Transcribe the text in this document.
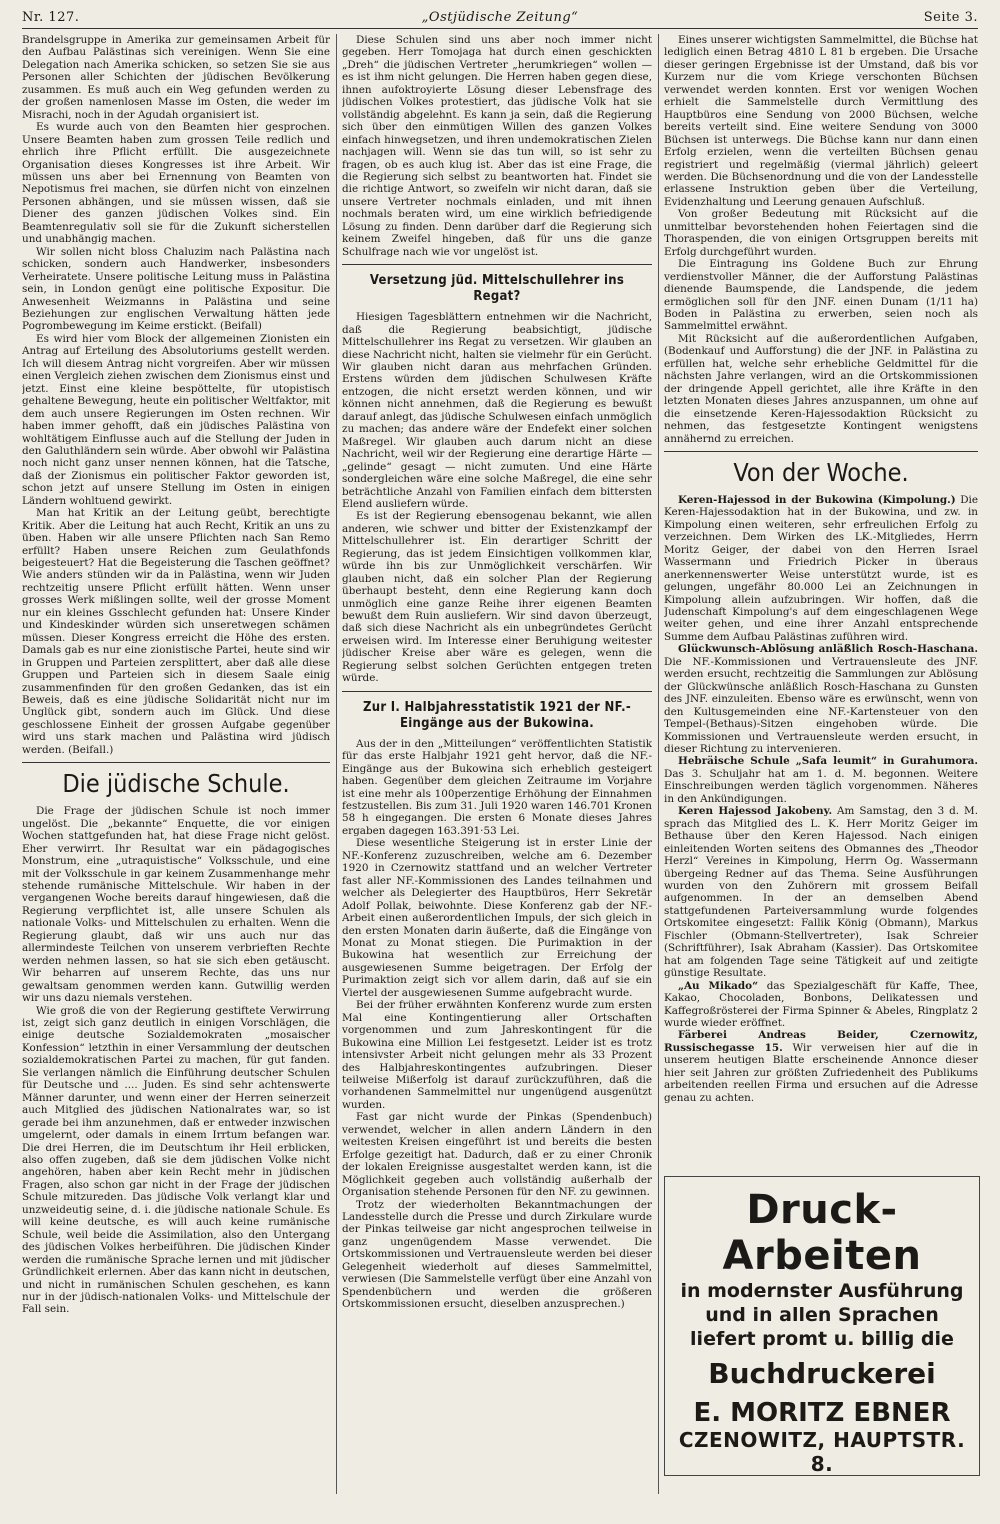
Nr. 127.	„Ostjüdische Zeitung“	Seite 3.

Brandelsgruppe in Amerika zur gemeinsamen Arbeit für den Aufbau Palästinas sich vereinigen. Wenn Sie eine Delegation nach Amerika schicken, so setzen Sie sie aus Personen aller Schichten der jüdischen Bevölkerung zusammen. Es muß auch ein Weg gefunden werden zu der großen namenlosen Masse im Osten, die weder im Misrachi, noch in der Agudah organisiert ist.

Es wurde auch von den Beamten hier gesprochen. Unsere Beamten haben zum grossen Teile redlich und ehrlich ihre Pflicht erfüllt. Die ausgezeichnete Organisation dieses Kongresses ist ihre Arbeit. Wir müssen uns aber bei Ernennung von Beamten von Nepotismus frei machen, sie dürfen nicht von einzelnen Personen abhängen, und sie müssen wissen, daß sie Diener des ganzen jüdischen Volkes sind. Ein Beamtenregulativ soll sie für die Zukunft sicherstellen und unabhängig machen.

Wir sollen nicht bloss Chaluzim nach Palästina nach schicken, sondern auch Handwerker, insbesonders Verheiratete. Unsere politische Leitung muss in Palästina sein, in London genügt eine politische Expositur. Die Anwesenheit Weizmanns in Palästina und seine Beziehungen zur englischen Verwaltung hätten jede Pogrombewegung im Keime erstickt. (Beifall)

Es wird hier vom Block der allgemeinen Zionisten ein Antrag auf Erteilung des Absolutoriums gestellt werden. Ich will diesem Antrag nicht vorgreifen. Aber wir müssen einen Vergleich ziehen zwischen dem Zionismus einst und jetzt. Einst eine kleine bespöttelte, für utopistisch gehaltene Bewegung, heute ein politischer Weltfaktor, mit dem auch unsere Regierungen im Osten rechnen. Wir haben immer gehofft, daß ein jüdisches Palästina von wohltätigem Einflusse auch auf die Stellung der Juden in den Galuthländern sein würde. Aber obwohl wir Palästina noch nicht ganz unser nennen können, hat die Tatsche, daß der Zionismus ein politischer Faktor geworden ist, schon jetzt auf unsere Stellung im Osten in einigen Ländern wohltuend gewirkt.

Man hat Kritik an der Leitung geübt, berechtigte Kritik. Aber die Leitung hat auch Recht, Kritik an uns zu üben. Haben wir alle unsere Pflichten nach San Remo erfüllt? Haben unsere Reichen zum Geulathfonds beigesteuert? Hat die Begeisterung die Taschen geöffnet? Wie anders stünden wir da in Palästina, wenn wir Juden rechtzeitig unsere Pflicht erfüllt hätten. Wenn unser grosses Werk mißlingen sollte, weil der grosse Moment nur ein kleines Gsschlecht gefunden hat: Unsere Kinder und Kindeskinder würden sich unseretwegen schämen müssen. Dieser Kongress erreicht die Höhe des ersten. Damals gab es nur eine zionistische Partei, heute sind wir in Gruppen und Parteien zersplittert, aber daß alle diese Gruppen und Parteien sich in diesem Saale einig zusammenfinden für den großen Gedanken, das ist ein Beweis, daß es eine jüdische Solidarität nicht nur im Unglück gibt, sondern auch im Glück. Und diese geschlossene Einheit der grossen Aufgabe gegenüber wird uns stark machen und Palästina wird jüdisch werden. (Beifall.)

Die jüdische Schule.

Die Frage der jüdischen Schule ist noch immer ungelöst. Die „bekannte“ Enquette, die vor einigen Wochen stattgefunden hat, hat diese Frage nicht gelöst. Eher verwirrt. Ihr Resultat war ein pädagogisches Monstrum, eine „utraquistische“ Volksschule, und eine mit der Volksschule in gar keinem Zusammenhange mehr stehende rumänische Mittelschule. Wir haben in der vergangenen Woche bereits darauf hingewiesen, daß die Regierung verpflichtet ist, alle unsere Schulen als nationale Volks- und Mittelschulen zu erhalten. Wenn die Regierung glaubt, daß wir uns auch nur das allermindeste Teilchen von unserem verbrieften Rechte werden nehmen lassen, so hat sie sich eben getäuscht. Wir beharren auf unserem Rechte, das uns nur gewaltsam genommen werden kann. Gutwillig werden wir uns dazu niemals verstehen.

Wie groß die von der Regierung gestiftete Verwirrung ist, zeigt sich ganz deutlich in einigen Vorschlägen, die einige deutsche Sozialdemokraten „mosaischer Konfession“ letzthin in einer Versammlung der deutschen sozialdemokratischen Partei zu machen, für gut fanden. Sie verlangen nämlich die Einführung deutscher Schulen für Deutsche und .... Juden. Es sind sehr achtenswerte Männer darunter, und wenn einer der Herren seinerzeit auch Mitglied des jüdischen Nationalrates war, so ist gerade bei ihm anzunehmen, daß er entweder inzwischen umgelernt, oder damals in einem Irrtum befangen war. Die drei Herren, die im Deutschtum ihr Heil erblicken, also offen zugeben, daß sie dem jüdischen Volke nicht angehören, haben aber kein Recht mehr in jüdischen Fragen, also schon gar nicht in der Frage der jüdischen Schule mitzureden. Das jüdische Volk verlangt klar und unzweideutig seine, d. i. die jüdische nationale Schule. Es will keine deutsche, es will auch keine rumänische Schule, weil beide die Assimilation, also den Untergang des jüdischen Volkes herbeiführen. Die jüdischen Kinder werden die rumänische Sprache lernen und mit jüdischer Gründlichkeit erlernen. Aber das kann nicht in deutschen, und nicht in rumänischen Schulen geschehen, es kann nur in der jüdisch-nationalen Volks- und Mittelschule der Fall sein.

Diese Schulen sind uns aber noch immer nicht gegeben. Herr Tomojaga hat durch einen geschickten „Dreh“ die jüdischen Vertreter „herumkriegen“ wollen — es ist ihm nicht gelungen. Die Herren haben gegen diese, ihnen aufoktroyierte Lösung dieser Lebensfrage des jüdischen Volkes protestiert, das jüdische Volk hat sie vollständig abgelehnt. Es kann ja sein, daß die Regierung sich über den einmütigen Willen des ganzen Volkes einfach hinwegsetzen, und ihren undemokratischen Zielen nachjagen will. Wenn sie das tun will, so ist sehr zu fragen, ob es auch klug ist. Aber das ist eine Frage, die die Regierung sich selbst zu beantworten hat. Findet sie die richtige Antwort, so zweifeln wir nicht daran, daß sie unsere Vertreter nochmals einladen, und mit ihnen nochmals beraten wird, um eine wirklich befriedigende Lösung zu finden. Denn darüber darf die Regierung sich keinem Zweifel hingeben, daß für uns die ganze Schulfrage nach wie vor ungelöst ist.

Versetzung jüd. Mittelschullehrer ins Regat?

Hiesigen Tagesblättern entnehmen wir die Nachricht, daß die Regierung beabsichtigt, jüdische Mittelschullehrer ins Regat zu versetzen. Wir glauben an diese Nachricht nicht, halten sie vielmehr für ein Gerücht. Wir glauben nicht daran aus mehrfachen Gründen. Erstens würden dem jüdischen Schulwesen Kräfte entzogen, die nicht ersetzt werden können, und wir können nicht annehmen, daß die Regierung es bewußt darauf anlegt, das jüdische Schulwesen einfach unmöglich zu machen; das andere wäre der Endefekt einer solchen Maßregel. Wir glauben auch darum nicht an diese Nachricht, weil wir der Regierung eine derartige Härte — „gelinde“ gesagt — nicht zumuten. Und eine Härte sondergleichen wäre eine solche Maßregel, die eine sehr beträchtliche Anzahl von Familien einfach dem bittersten Elend ausliefern würde.

Es ist der Regierung ebensogenau bekannt, wie allen anderen, wie schwer und bitter der Existenzkampf der Mittelschullehrer ist. Ein derartiger Schritt der Regierung, das ist jedem Einsichtigen vollkommen klar, würde ihn bis zur Unmöglichkeit verschärfen. Wir glauben nicht, daß ein solcher Plan der Regierung überhaupt besteht, denn eine Regierung kann doch unmöglich eine ganze Reihe ihrer eigenen Beamten bewußt dem Ruin ausliefern. Wir sind davon überzeugt, daß sich diese Nachricht als ein unbegründetes Gerücht erweisen wird. Im Interesse einer Beruhigung weitester jüdischer Kreise aber wäre es gelegen, wenn die Regierung selbst solchen Gerüchten entgegen treten würde.

Zur I. Halbjahresstatistik 1921 der NF.-Eingänge aus der Bukowina.

Aus der in den „Mitteilungen“ veröffentlichten Statistik für das erste Halbjahr 1921 geht hervor, daß die NF.-Eingänge aus der Bukowina sich erheblich gesteigert haben. Gegenüber dem gleichen Zeitraume im Vorjahre ist eine mehr als 100perzentige Erhöhung der Einnahmen festzustellen. Bis zum 31. Juli 1920 waren 146.701 Kronen 58 h eingegangen. Die ersten 6 Monate dieses Jahres ergaben dagegen 163.391·53 Lei.

Diese wesentliche Steigerung ist in erster Linie der NF.-Konferenz zuzuschreiben, welche am 6. Dezember 1920 in Czernowitz stattfand und an welcher Vertreter fast aller NF.-Kommissionen des Landes teilnahmen und welcher als Delegierter des Hauptbüros, Herr Sekretär Adolf Pollak, beiwohnte. Diese Konferenz gab der NF.-Arbeit einen außerordentlichen Impuls, der sich gleich in den ersten Monaten darin äußerte, daß die Eingänge von Monat zu Monat stiegen. Die Purimaktion in der Bukowina hat wesentlich zur Erreichung der ausgewiesenen Summe beigetragen. Der Erfolg der Purimaktion zeigt sich vor allem darin, daß auf sie ein Viertel der ausgewiesenen Summe aufgebracht wurde.

Bei der früher erwähnten Konferenz wurde zum ersten Mal eine Kontingentierung aller Ortschaften vorgenommen und zum Jahreskontingent für die Bukowina eine Million Lei festgesetzt. Leider ist es trotz intensivster Arbeit nicht gelungen mehr als 33 Prozent des Halbjahreskontingentes aufzubringen. Dieser teilweise Mißerfolg ist darauf zurückzuführen, daß die vorhandenen Sammelmittel nur ungenügend ausgenützt wurden.

Fast gar nicht wurde der Pinkas (Spendenbuch) verwendet, welcher in allen andern Ländern in den weitesten Kreisen eingeführt ist und bereits die besten Erfolge gezeitigt hat. Dadurch, daß er zu einer Chronik der lokalen Ereignisse ausgestaltet werden kann, ist die Möglichkeit gegeben auch vollständig außerhalb der Organisation stehende Personen für den NF. zu gewinnen.

Trotz der wiederholten Bekanntmachungen der Landesstelle durch die Presse und durch Zirkulare wurde der Pinkas teilweise gar nicht angesprochen teilweise in ganz ungenügendem Masse verwendet. Die Ortskommissionen und Vertrauensleute werden bei dieser Gelegenheit wiederholt auf dieses Sammelmittel, verwiesen (Die Sammelstelle verfügt über eine Anzahl von Spendenbüchern und werden die größeren Ortskommissionen ersucht, dieselben anzusprechen.)

Eines unserer wichtigsten Sammelmittel, die Büchse hat lediglich einen Betrag 4810 L 81 b ergeben. Die Ursache dieser geringen Ergebnisse ist der Umstand, daß bis vor Kurzem nur die vom Kriege verschonten Büchsen verwendet werden konnten. Erst vor wenigen Wochen erhielt die Sammelstelle durch Vermittlung des Hauptbüros eine Sendung von 2000 Büchsen, welche bereits verteilt sind. Eine weitere Sendung von 3000 Büchsen ist unterwegs. Die Büchse kann nur dann einen Erfolg erzielen, wenn die verteilten Büchsen genau registriert und regelmäßig (viermal jährlich) geleert werden. Die Büchsenordnung und die von der Landesstelle erlassene Instruktion geben über die Verteilung, Evidenzhaltung und Leerung genauen Aufschluß.

Von großer Bedeutung mit Rücksicht auf die unmittelbar bevorstehenden hohen Feiertagen sind die Thoraspenden, die von einigen Ortsgruppen bereits mit Erfolg durchgeführt wurden.

Die Eintragung ins Goldene Buch zur Ehrung verdienstvoller Männer, die der Aufforstung Palästinas dienende Baumspende, die Landspende, die jedem ermöglichen soll für den JNF. einen Dunam (1/11 ha) Boden in Palästina zu erwerben, seien noch als Sammelmittel erwähnt.

Mit Rücksicht auf die außerordentlichen Aufgaben, (Bodenkauf und Aufforstung) die der JNF. in Palästina zu erfüllen hat, welche sehr erhebliche Geldmittel für die nächsten Jahre verlangen, wird an die Ortskommissionen der dringende Appell gerichtet, alle ihre Kräfte in den letzten Monaten dieses Jahres anzuspannen, um ohne auf die einsetzende Keren-Hajessodaktion Rücksicht zu nehmen, das festgesetzte Kontingent wenigstens annähernd zu erreichen.

Von der Woche.

Keren-Hajessod in der Bukowina (Kimpolung.) Die Keren-Hajessodaktion hat in der Bukowina, und zw. in Kimpolung einen weiteren, sehr erfreulichen Erfolg zu verzeichnen. Dem Wirken des LK.-Mitgliedes, Herrn Moritz Geiger, der dabei von den Herren Israel Wassermann und Friedrich Picker in überaus anerkennenswerter Weise unterstützt wurde, ist es gelungen, ungefähr 80.000 Lei an Zeichnungen in Kimpolung allein aufzubringen. Wir hoffen, daß die Judenschaft Kimpolung's auf dem eingeschlagenen Wege weiter gehen, und eine ihrer Anzahl entsprechende Summe dem Aufbau Palästinas zuführen wird.

Glückwunsch-Ablösung anläßlich Rosch-Haschana. Die NF.-Kommissionen und Vertrauensleute des JNF. werden ersucht, rechtzeitig die Sammlungen zur Ablösung der Glückwünsche anläßlich Rosch-Haschana zu Gunsten des JNF. einzuleiten. Ebenso wäre es erwünscht, wenn von den Kultusgemeinden eine NF.-Kartensteuer von den Tempel-(Bethaus)-Sitzen eingehoben würde. Die Kommissionen und Vertrauensleute werden ersucht, in dieser Richtung zu intervenieren.

Hebräische Schule „Safa leumit“ in Gurahumora. Das 3. Schuljahr hat am 1. d. M. begonnen. Weitere Einschreibungen werden täglich vorgenommen. Näheres in den Ankündigungen.

Keren Hajessod Jakobeny. Am Samstag, den 3 d. M. sprach das Mitglied des L. K. Herr Moritz Geiger im Bethause über den Keren Hajessod. Nach einigen einleitenden Worten seitens des Obmannes des „Theodor Herzl“ Vereines in Kimpolung, Herrn Og. Wassermann übergeing Redner auf das Thema. Seine Ausführungen wurden von den Zuhörern mit grossem Beifall aufgenommen. In der an demselben Abend stattgefundenen Parteiversammlung wurde folgendes Ortskomitee eingesetzt: Fallik König (Obmann), Markus Fischler (Obmann-Stellvertreter), Isak Schreier (Schriftführer), Isak Abraham (Kassier). Das Ortskomitee hat am folgenden Tage seine Tätigkeit auf und zeitigte günstige Resultate.

„Au Mikado“ das Spezialgeschäft für Kaffe, Thee, Kakao, Chocoladen, Bonbons, Delikatessen und Kaffegroßrösterei der Firma Spinner & Abeles, Ringplatz 2 wurde wieder eröffnet.

Färberei Andreas Beider, Czernowitz, Russischegasse 15. Wir verweisen hier auf die in unserem heutigen Blatte erscheinende Annonce dieser hier seit Jahren zur größten Zufriedenheit des Publikums arbeitenden reellen Firma und ersuchen auf die Adresse genau zu achten.

Druck-Arbeiten
in modernster Ausführung
und in allen Sprachen
liefert promt u. billig die
Buchdruckerei
E. MORITZ EBNER
CZENOWITZ, HAUPTSTR. 8.
